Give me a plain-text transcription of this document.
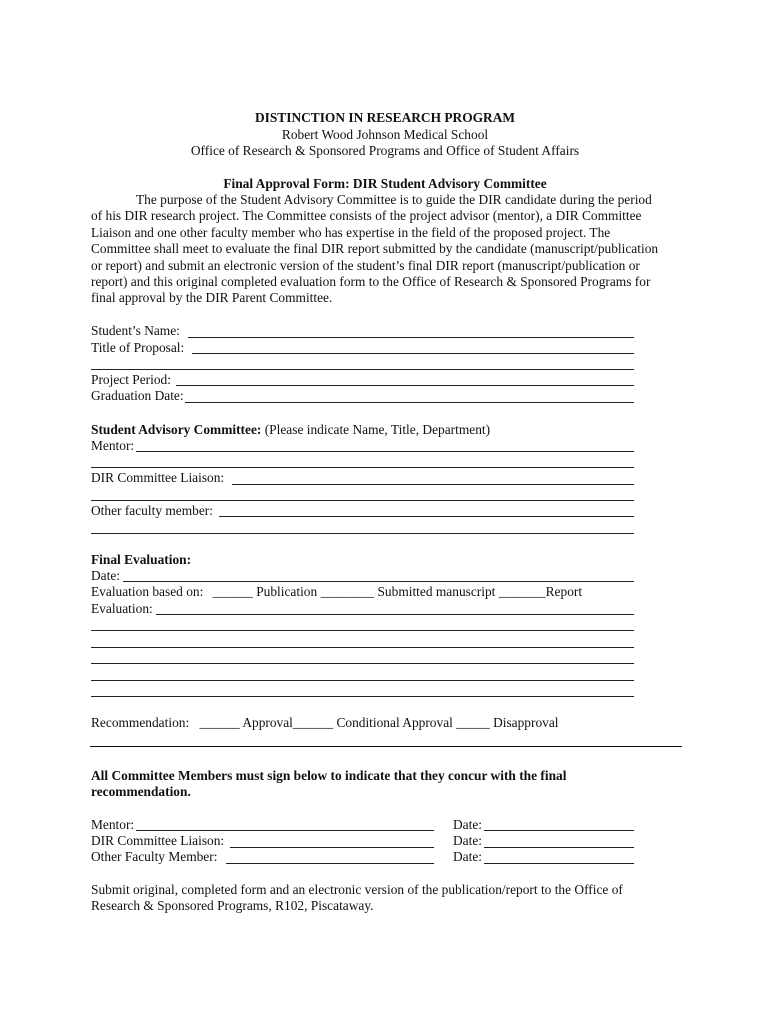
DISTINCTION IN RESEARCH PROGRAM
Robert Wood Johnson Medical School
Office of Research & Sponsored Programs and Office of Student Affairs
Final Approval Form: DIR Student Advisory Committee
The purpose of the Student Advisory Committee is to guide the DIR candidate during the period
of his DIR research project. The Committee consists of the project advisor (mentor), a DIR Committee
Liaison and one other faculty member who has expertise in the field of the proposed project. The
Committee shall meet to evaluate the final DIR report submitted by the candidate (manuscript/publication
or report) and submit an electronic version of the student’s final DIR report (manuscript/publication or
report) and this original completed evaluation form to the Office of Research & Sponsored Programs for
final approval by the DIR Parent Committee.
Student’s Name:
Title of Proposal:
Project Period:
Graduation Date:
Student Advisory Committee: (Please indicate Name, Title, Department)
Mentor:
DIR Committee Liaison:
Other faculty member:
Final Evaluation:
Date:
Evaluation based on: ______ Publication ________ Submitted manuscript _______Report
Evaluation:
Recommendation: ______ Approval______ Conditional Approval _____ Disapproval
All Committee Members must sign below to indicate that they concur with the final
recommendation.
Mentor:	Date:
DIR Committee Liaison:	Date:
Other Faculty Member:	Date:
Submit original, completed form and an electronic version of the publication/report to the Office of
Research & Sponsored Programs, R102, Piscataway.
